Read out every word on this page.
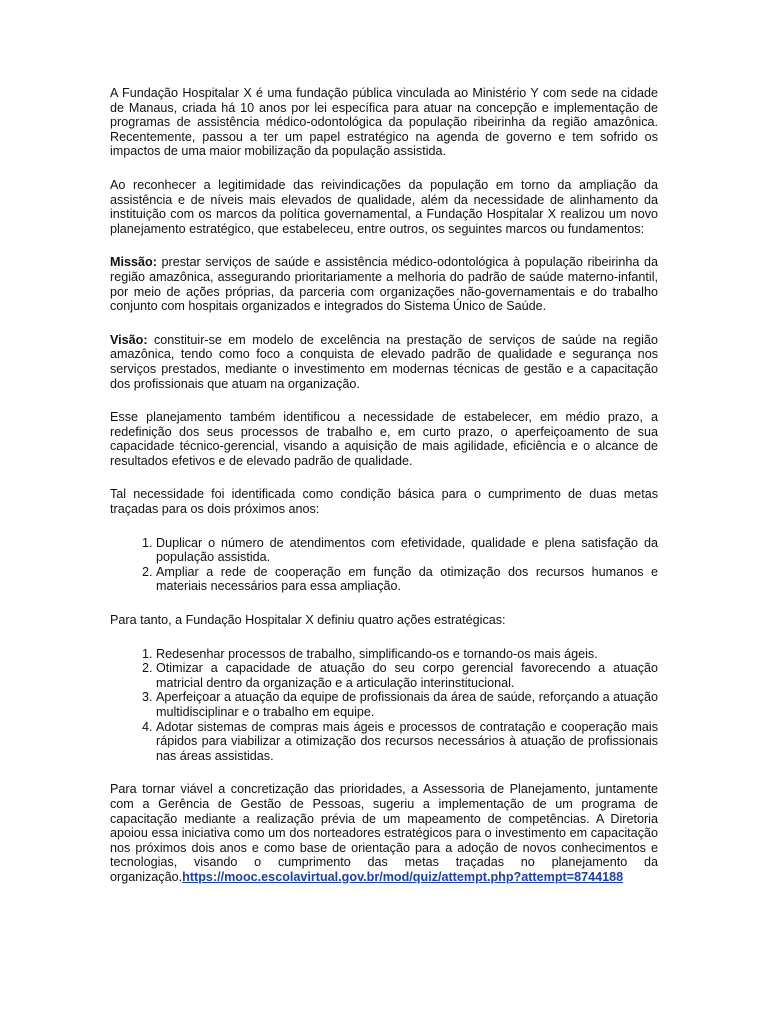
A Fundação Hospitalar X é uma fundação pública vinculada ao Ministério Y com sede na cidade de Manaus, criada há 10 anos por lei específica para atuar na concepção e implementação de programas de assistência médico-odontológica da população ribeirinha da região amazônica. Recentemente, passou a ter um papel estratégico na agenda de governo e tem sofrido os impactos de uma maior mobilização da população assistida.

Ao reconhecer a legitimidade das reivindicações da população em torno da ampliação da assistência e de níveis mais elevados de qualidade, além da necessidade de alinhamento da instituição com os marcos da política governamental, a Fundação Hospitalar X realizou um novo planejamento estratégico, que estabeleceu, entre outros, os seguintes marcos ou fundamentos:

Missão: prestar serviços de saúde e assistência médico-odontológica à população ribeirinha da região amazônica, assegurando prioritariamente a melhoria do padrão de saúde materno-infantil, por meio de ações próprias, da parceria com organizações não-governamentais e do trabalho conjunto com hospitais organizados e integrados do Sistema Único de Saúde.

Visão: constituir-se em modelo de excelência na prestação de serviços de saúde na região amazônica, tendo como foco a conquista de elevado padrão de qualidade e segurança nos serviços prestados, mediante o investimento em modernas técnicas de gestão e a capacitação dos profissionais que atuam na organização.

Esse planejamento também identificou a necessidade de estabelecer, em médio prazo, a redefinição dos seus processos de trabalho e, em curto prazo, o aperfeiçoamento de sua capacidade técnico-gerencial, visando a aquisição de mais agilidade, eficiência e o alcance de resultados efetivos e de elevado padrão de qualidade.

Tal necessidade foi identificada como condição básica para o cumprimento de duas metas traçadas para os dois próximos anos:

1. Duplicar o número de atendimentos com efetividade, qualidade e plena satisfação da população assistida.
2. Ampliar a rede de cooperação em função da otimização dos recursos humanos e materiais necessários para essa ampliação.

Para tanto, a Fundação Hospitalar X definiu quatro ações estratégicas:

1. Redesenhar processos de trabalho, simplificando-os e tornando-os mais ágeis.
2. Otimizar a capacidade de atuação do seu corpo gerencial favorecendo a atuação matricial dentro da organização e a articulação interinstitucional.
3. Aperfeiçoar a atuação da equipe de profissionais da área de saúde, reforçando a atuação multidisciplinar e o trabalho em equipe.
4. Adotar sistemas de compras mais ágeis e processos de contratação e cooperação mais rápidos para viabilizar a otimização dos recursos necessários à atuação de profissionais nas áreas assistidas.

Para tornar viável a concretização das prioridades, a Assessoria de Planejamento, juntamente com a Gerência de Gestão de Pessoas, sugeriu a implementação de um programa de capacitação mediante a realização prévia de um mapeamento de competências. A Diretoria apoiou essa iniciativa como um dos norteadores estratégicos para o investimento em capacitação nos próximos dois anos e como base de orientação para a adoção de novos conhecimentos e tecnologias, visando o cumprimento das metas traçadas no planejamento da organização.https://mooc.escolavirtual.gov.br/mod/quiz/attempt.php?attempt=8744188
